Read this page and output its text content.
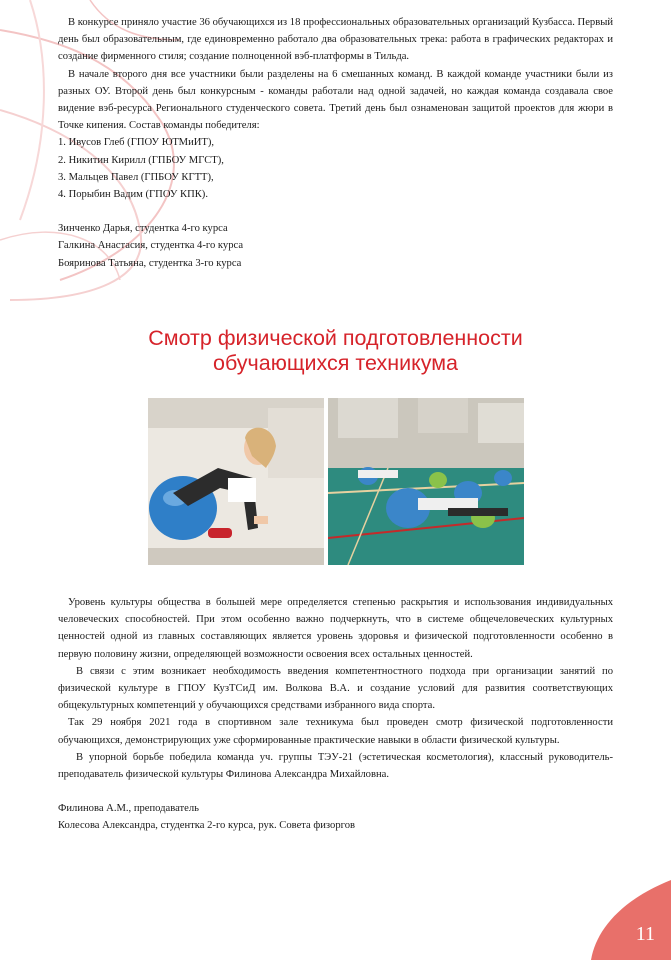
В конкурсе приняло участие 36 обучающихся из 18 профессиональных образовательных организаций Кузбасса. Первый день был образовательным, где единовременно работало два образовательных трека: работа в графических редакторах и создание фирменного стиля; создание полноценной вэб-платформы в Тильда.

В начале второго дня все участники были разделены на 6 смешанных команд. В каждой команде участники были из разных ОУ. Второй день был конкурсным - команды работали над одной задачей, но каждая команда создавала свое видение вэб-ресурса Регионального студенческого совета. Третий день был ознаменован защитой проектов для жюри в Точке кипения. Состав команды победителя:

1. Ивусов Глеб (ГПОУ ЮТМиИТ),

2. Никитин Кирилл (ГПБОУ МГСТ),

3. Мальцев Павел (ГПБОУ КГТТ),

4. Порыбин Вадим (ГПОУ КПК).

Зинченко Дарья, студентка 4-го курса

Галкина Анастасия, студентка 4-го курса

Бояринова Татьяна, студентка 3-го курса

Смотр физической подготовленности
обучающихся техникума

Уровень культуры общества в большей мере определяется степенью раскрытия и использования индивидуальных человеческих способностей. При этом особенно важно подчеркнуть, что в системе общечеловеческих культурных ценностей одной из главных составляющих является уровень здоровья и физической подготовленности особенно в первую половину жизни, определяющей возможности освоения всех остальных ценностей.

В связи с этим возникает необходимость введения компетентностного подхода при организации занятий по физической культуре в ГПОУ КузТСиД им. Волкова В.А. и создание условий для развития соответствующих общекультурных компетенций у обучающихся средствами избранного вида спорта.

Так 29 ноября 2021 года в спортивном зале техникума был проведен смотр физической подготовленности обучающихся, демонстрирующих уже сформированные практические навыки в области физической культуры.

В упорной борьбе победила команда уч. группы ТЭУ-21 (эстетическая косметология), классный руководитель-преподаватель физической культуры Филинова Александра Михайловна.

Филинова А.М., преподаватель

Колесова Александра, студентка 2-го курса, рук. Совета физоргов

11
